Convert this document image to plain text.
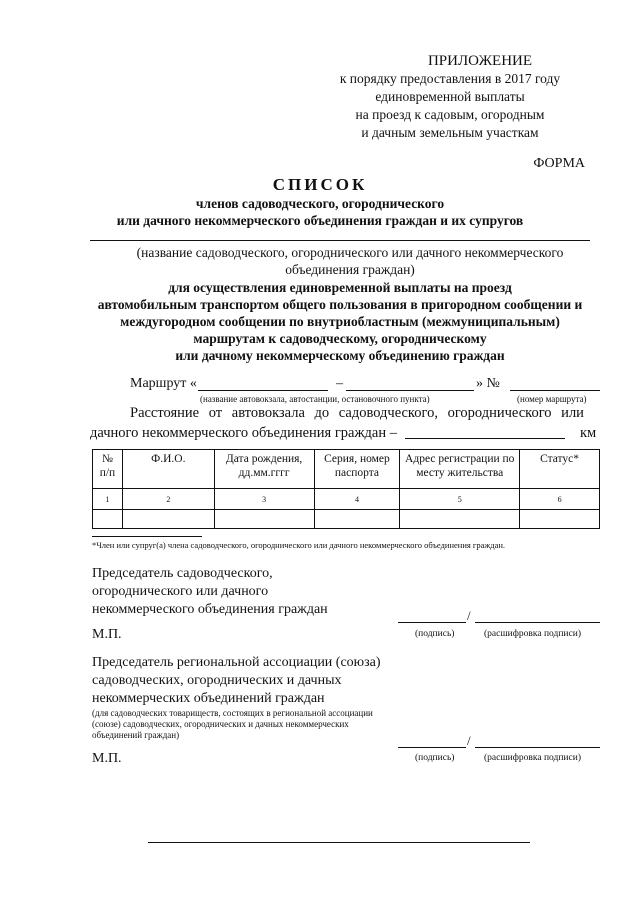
ПРИЛОЖЕНИЕ
к порядку предоставления в 2017 году
единовременной выплаты
на проезд к садовым, огородным
и дачным земельным участкам
ФОРМА
СПИСОК
членов садоводческого, огороднического
или дачного некоммерческого объединения граждан и их супругов
(название садоводческого, огороднического или дачного некоммерческого
объединения граждан)
для осуществления единовременной выплаты на проезд
автомобильным транспортом общего пользования в пригородном сообщении и
междугородном сообщении по внутриобластным (межмуниципальным)
маршрутам к садоводческому, огородническому
или дачному некоммерческому объединению граждан
Маршрут «	–	» №
(название автовокзала, автостанции, остановочного пункта)	(номер маршрута)
Расстояние от автовокзала до садоводческого, огороднического или
дачного некоммерческого объединения граждан –	км
№ п/п	Ф.И.О.	Дата рождения, дд.мм.гггг	Серия, номер паспорта	Адрес регистрации по месту жительства	Статус*
1	2	3	4	5	6

*Член или супруг(а) члена садоводческого, огороднического или дачного некоммерческого объединения граждан.
Председатель садоводческого,
огороднического или дачного
некоммерческого объединения граждан	/
М.П.	(подпись)	(расшифровка подписи)
Председатель региональной ассоциации (союза)
садоводческих, огороднических и дачных
некоммерческих объединений граждан
(для садоводческих товариществ, состоящих в региональной ассоциации (союзе) садоводческих, огороднических и дачных некоммерческих объединений граждан)	/
М.П.	(подпись)	(расшифровка подписи)
